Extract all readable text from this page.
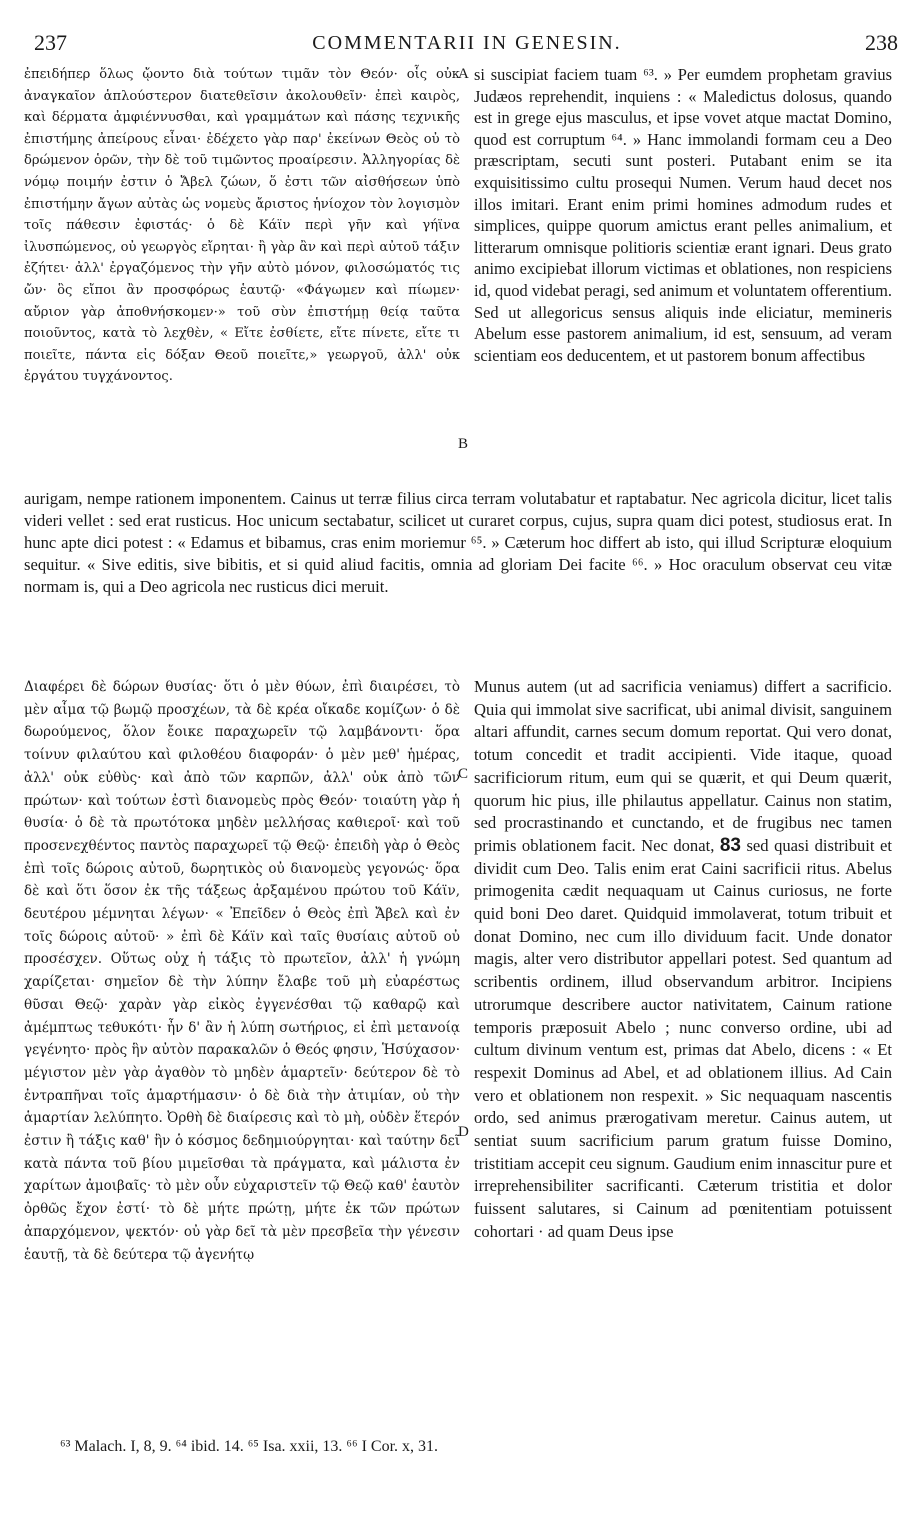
237	COMMENTARII IN GENESIN.	238

ἐπειδήπερ ὅλως ᾤοντο διὰ τούτων τιμᾶν τὸν Θεόν· οἷς οὐκ ἀναγκαῖον ἁπλούστερον διατεθεῖσιν ἀκολουθεῖν· ἐπεὶ καιρὸς, καὶ δέρματα ἀμφιέννυσθαι, καὶ γραμμάτων καὶ πάσης τεχνικῆς ἐπιστήμης ἀπείρους εἶναι· ἐδέχετο γὰρ παρ' ἐκείνων Θεὸς οὐ τὸ δρώμενον ὁρῶν, τὴν δὲ τοῦ τιμῶντος προαίρεσιν. Ἀλληγορίας δὲ νόμῳ ποιμήν ἐστιν ὁ Ἄβελ ζώων, ὅ ἐστι τῶν αἰσθήσεων ὑπὸ ἐπιστήμην ἄγων αὐτὰς ὡς νομεὺς ἄριστος ἡνίοχον τὸν λογισμὸν τοῖς πάθεσιν ἐφιστάς· ὁ δὲ Κάϊν περὶ γῆν καὶ γήϊνα ἰλυσπώμενος, οὐ γεωργὸς εἴρηται· ἢ γὰρ ἂν καὶ περὶ αὐτοῦ τάξιν ἐζήτει· ἀλλ' ἐργαζόμενος τὴν γῆν αὐτὸ μόνον, φιλοσώματός τις ὤν· ὃς εἴποι ἂν προσφόρως ἑαυτῷ· «Φάγωμεν καὶ πίωμεν· αὔριον γὰρ ἀποθνήσκομεν·» τοῦ σὺν ἐπιστήμῃ θείᾳ ταῦτα ποιοῦντος, κατὰ τὸ λεχθὲν, « Εἴτε ἐσθίετε, εἴτε πίνετε, εἴτε τι ποιεῖτε, πάντα εἰς δόξαν Θεοῦ ποιεῖτε,» γεωργοῦ, ἀλλ' οὐκ ἐργάτου τυγχάνοντος.

si suscipiat faciem tuam ⁶³. » Per eumdem prophetam gravius Judæos reprehendit, inquiens : « Maledictus dolosus, quando est in grege ejus masculus, et ipse vovet atque mactat Domino, quod est corruptum ⁶⁴. » Hanc immolandi formam ceu a Deo præscriptam, secuti sunt posteri. Putabant enim se ita exquisitissimo cultu prosequi Numen. Verum haud decet nos illos imitari. Erant enim primi homines admodum rudes et simplices, quippe quorum amictus erant pelles animalium, et litterarum omnisque politioris scientiæ erant ignari. Deus grato animo excipiebat illorum victimas et oblationes, non respiciens id, quod videbat peragi, sed animum et voluntatem offerentium. Sed ut allegoricus sensus aliquis inde eliciatur, memineris Abelum esse pastorem animalium, id est, sensuum, ad veram scientiam eos deducentem, et ut pastorem bonum affectibus

aurigam, nempe rationem imponentem. Cainus ut terræ filius circa terram volutabatur et raptabatur. Nec agricola dicitur, licet talis videri vellet : sed erat rusticus. Hoc unicum sectabatur, scilicet ut curaret corpus, cujus, supra quam dici potest, studiosus erat. In hunc apte dici potest : « Edamus et bibamus, cras enim moriemur ⁶⁵. » Cæterum hoc differt ab isto, qui illud Scripturæ eloquium sequitur. « Sive editis, sive bibitis, et si quid aliud facitis, omnia ad gloriam Dei facite ⁶⁶. » Hoc oraculum observat ceu vitæ normam is, qui a Deo agricola nec rusticus dici meruit.

Διαφέρει δὲ δώρων θυσίας· ὅτι ὁ μὲν θύων, ἐπὶ διαιρέσει, τὸ μὲν αἷμα τῷ βωμῷ προσχέων, τὰ δὲ κρέα οἴκαδε κομίζων· ὁ δὲ δωρούμενος, ὅλον ἔοικε παραχωρεῖν τῷ λαμβάνοντι· ὅρα τοίνυν φιλαύτου καὶ φιλοθέου διαφοράν· ὁ μὲν μεθ' ἡμέρας, ἀλλ' οὐκ εὐθὺς· καὶ ἀπὸ τῶν καρπῶν, ἀλλ' οὐκ ἀπὸ τῶν πρώτων· καὶ τούτων ἐστὶ διανομεὺς πρὸς Θεόν· τοιαύτη γὰρ ἡ θυσία· ὁ δὲ τὰ πρωτότοκα μηδὲν μελλήσας καθιεροῖ· καὶ τοῦ προσενεχθέντος παντὸς παραχωρεῖ τῷ Θεῷ· ἐπειδὴ γὰρ ὁ Θεὸς ἐπὶ τοῖς δώροις αὐτοῦ, δωρητικὸς οὐ διανομεὺς γεγονώς· ὅρα δὲ καὶ ὅτι ὅσον ἐκ τῆς τάξεως ἀρξαμένου πρώτου τοῦ Κάϊν, δευτέρου μέμνηται λέγων· « Ἐπεῖδεν ὁ Θεὸς ἐπὶ Ἄβελ καὶ ἐν τοῖς δώροις αὐτοῦ· » ἐπὶ δὲ Κάϊν καὶ ταῖς θυσίαις αὐτοῦ οὐ προσέσχεν. Οὕτως οὐχ ἡ τάξις τὸ πρωτεῖον, ἀλλ' ἡ γνώμη χαρίζεται· σημεῖον δὲ τὴν λύπην ἔλαβε τοῦ μὴ εὐαρέστως θῦσαι Θεῷ· χαρὰν γὰρ εἰκὸς ἐγγενέσθαι τῷ καθαρῷ καὶ ἀμέμπτως τεθυκότι· ἦν δ' ἂν ἡ λύπη σωτήριος, εἰ ἐπὶ μετανοίᾳ γεγένητο· πρὸς ἣν αὐτὸν παρακαλῶν ὁ Θεός φησιν, Ἡσύχασον· μέγιστον μὲν γὰρ ἀγαθὸν τὸ μηδὲν ἁμαρτεῖν· δεύτερον δὲ τὸ ἐντραπῆναι τοῖς ἁμαρτήμασιν· ὁ δὲ διὰ τὴν ἀτιμίαν, οὐ τὴν ἁμαρτίαν λελύπητο. Ὀρθὴ δὲ διαίρεσις καὶ τὸ μὴ, οὐδὲν ἕτερόν ἐστιν ἢ τάξις καθ' ἣν ὁ κόσμος δεδημιούργηται· καὶ ταύτην δεῖ κατὰ πάντα τοῦ βίου μιμεῖσθαι τὰ πράγματα, καὶ μάλιστα ἐν χαρίτων ἀμοιβαῖς· τὸ μὲν οὖν εὐχαριστεῖν τῷ Θεῷ καθ' ἑαυτὸν ὀρθῶς ἔχον ἐστί· τὸ δὲ μήτε πρώτῃ, μήτε ἐκ τῶν πρώτων ἀπαρχόμενον, ψεκτόν· οὐ γὰρ δεῖ τὰ μὲν πρεσβεῖα τὴν γένεσιν ἑαυτῇ, τὰ δὲ δεύτερα τῷ ἀγενήτῳ

Munus autem (ut ad sacrificia veniamus) differt a sacrificio. Quia qui immolat sive sacrificat, ubi animal divisit, sanguinem altari affundit, carnes secum domum reportat. Qui vero donat, totum concedit et tradit accipienti. Vide itaque, quoad sacrificiorum ritum, eum qui se quærit, et qui Deum quærit, quorum hic pius, ille philautus appellatur. Cainus non statim, sed procrastinando et cunctando, et de frugibus nec tamen primis oblationem facit. Nec donat, 83 sed quasi distribuit et dividit cum Deo. Talis enim erat Caini sacrificii ritus. Abelus primogenita cædit nequaquam ut Cainus curiosus, ne forte quid boni Deo daret. Quidquid immolaverat, totum tribuit et donat Domino, nec cum illo dividuum facit. Unde donator magis, alter vero distributor appellari potest. Sed quantum ad scribentis ordinem, illud observandum arbitror. Incipiens utrorumque describere auctor nativitatem, Cainum ratione temporis præposuit Abelo ; nunc converso ordine, ubi ad cultum divinum ventum est, primas dat Abelo, dicens : « Et respexit Dominus ad Abel, et ad oblationem illius. Ad Cain vero et oblationem non respexit. » Sic nequaquam nascentis ordo, sed animus prærogativam meretur. Cainus autem, ut sentiat suum sacrificium parum gratum fuisse Domino, tristitiam accepit ceu signum. Gaudium enim innascitur pure et irreprehensibiliter sacrificanti. Cæterum tristitia et dolor fuissent salutares, si Cainum ad pœnitentiam potuissent cohortari · ad quam Deus ipse

A
B
C
D
⁶³ Malach. I, 8, 9. ⁶⁴ ibid. 14. ⁶⁵ Isa. xxii, 13. ⁶⁶ I Cor. x, 31.
